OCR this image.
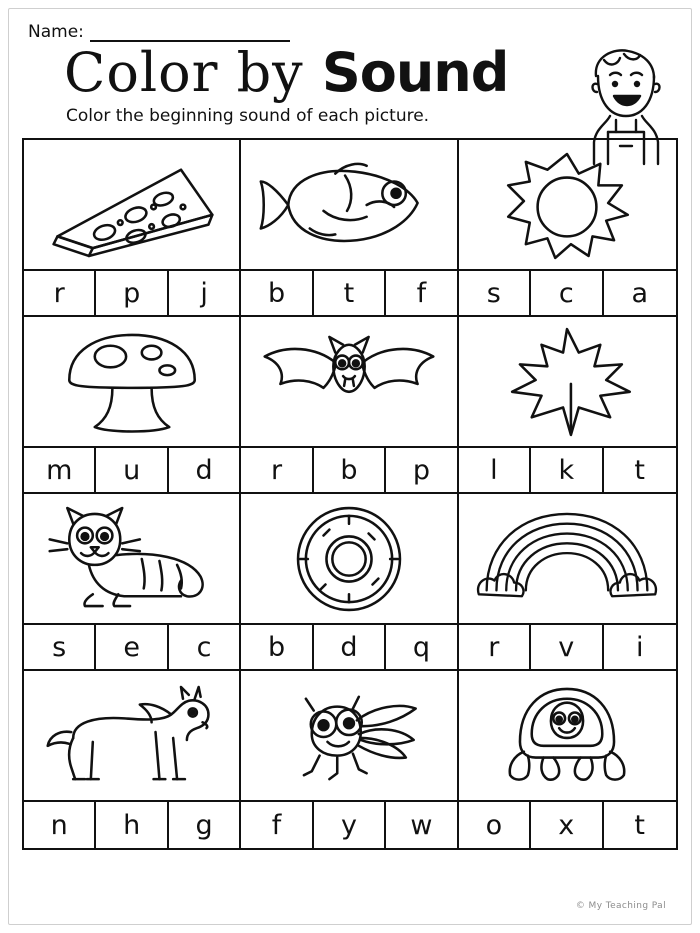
Name:
Color by Sound
Color the beginning sound of each picture.
r	p	j	b	t	f	s	c	a
m	u	d	r	b	p	l	k	t
s	e	c	b	d	q	r	v	i
n	h	g	f	y	w	o	x	t
© My Teaching Pal
